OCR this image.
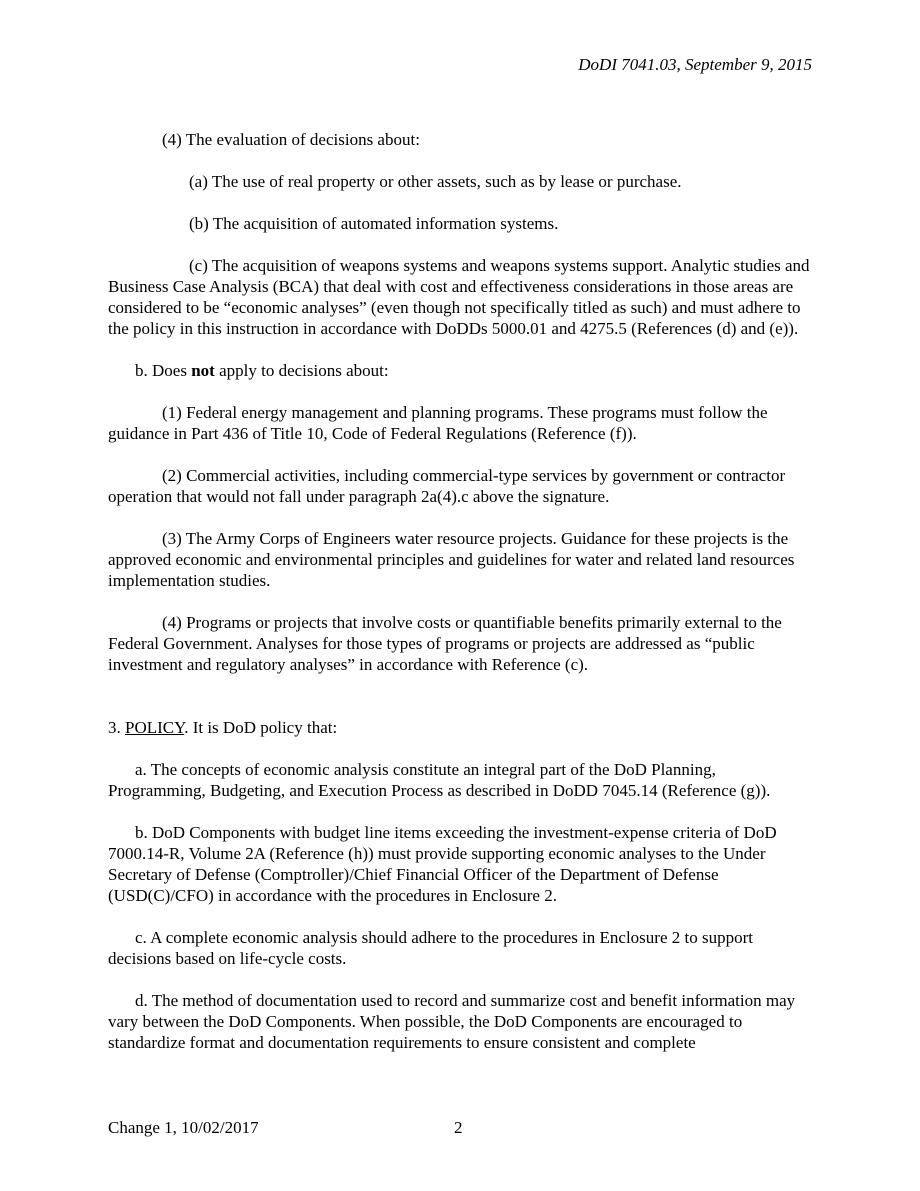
DoDI 7041.03, September 9, 2015

(4) The evaluation of decisions about:

(a) The use of real property or other assets, such as by lease or purchase.

(b) The acquisition of automated information systems.

(c) The acquisition of weapons systems and weapons systems support. Analytic studies and Business Case Analysis (BCA) that deal with cost and effectiveness considerations in those areas are considered to be “economic analyses” (even though not specifically titled as such) and must adhere to the policy in this instruction in accordance with DoDDs 5000.01 and 4275.5 (References (d) and (e)).

b. Does not apply to decisions about:

(1) Federal energy management and planning programs. These programs must follow the guidance in Part 436 of Title 10, Code of Federal Regulations (Reference (f)).

(2) Commercial activities, including commercial-type services by government or contractor operation that would not fall under paragraph 2a(4).c above the signature.

(3) The Army Corps of Engineers water resource projects. Guidance for these projects is the approved economic and environmental principles and guidelines for water and related land resources implementation studies.

(4) Programs or projects that involve costs or quantifiable benefits primarily external to the Federal Government. Analyses for those types of programs or projects are addressed as “public investment and regulatory analyses” in accordance with Reference (c).

3. POLICY. It is DoD policy that:

a. The concepts of economic analysis constitute an integral part of the DoD Planning, Programming, Budgeting, and Execution Process as described in DoDD 7045.14 (Reference (g)).

b. DoD Components with budget line items exceeding the investment-expense criteria of DoD 7000.14-R, Volume 2A (Reference (h)) must provide supporting economic analyses to the Under Secretary of Defense (Comptroller)/Chief Financial Officer of the Department of Defense (USD(C)/CFO) in accordance with the procedures in Enclosure 2.

c. A complete economic analysis should adhere to the procedures in Enclosure 2 to support decisions based on life-cycle costs.

d. The method of documentation used to record and summarize cost and benefit information may vary between the DoD Components. When possible, the DoD Components are encouraged to standardize format and documentation requirements to ensure consistent and complete

Change 1, 10/02/2017	2
